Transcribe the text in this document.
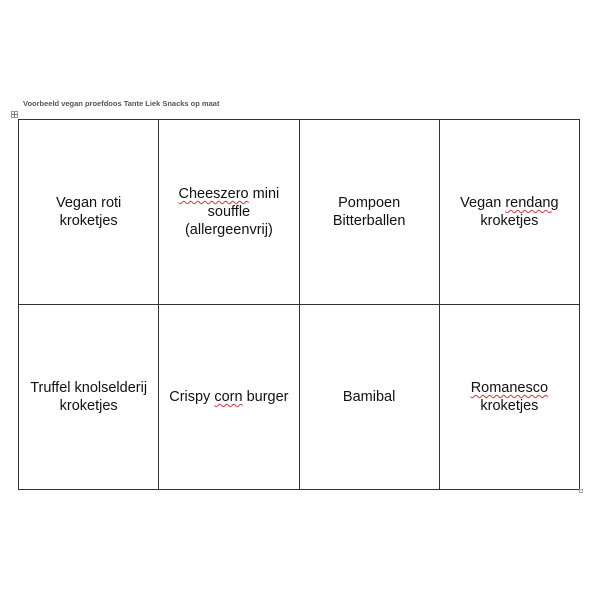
Voorbeeld vegan proefdoos Tante Liek Snacks op maat
Vegan roti kroketjes	Cheeszero mini souffle (allergeenvrij)	Pompoen Bitterballen	Vegan rendang kroketjes
Truffel knolselderij kroketjes	Crispy corn burger	Bamibal	Romanesco kroketjes
